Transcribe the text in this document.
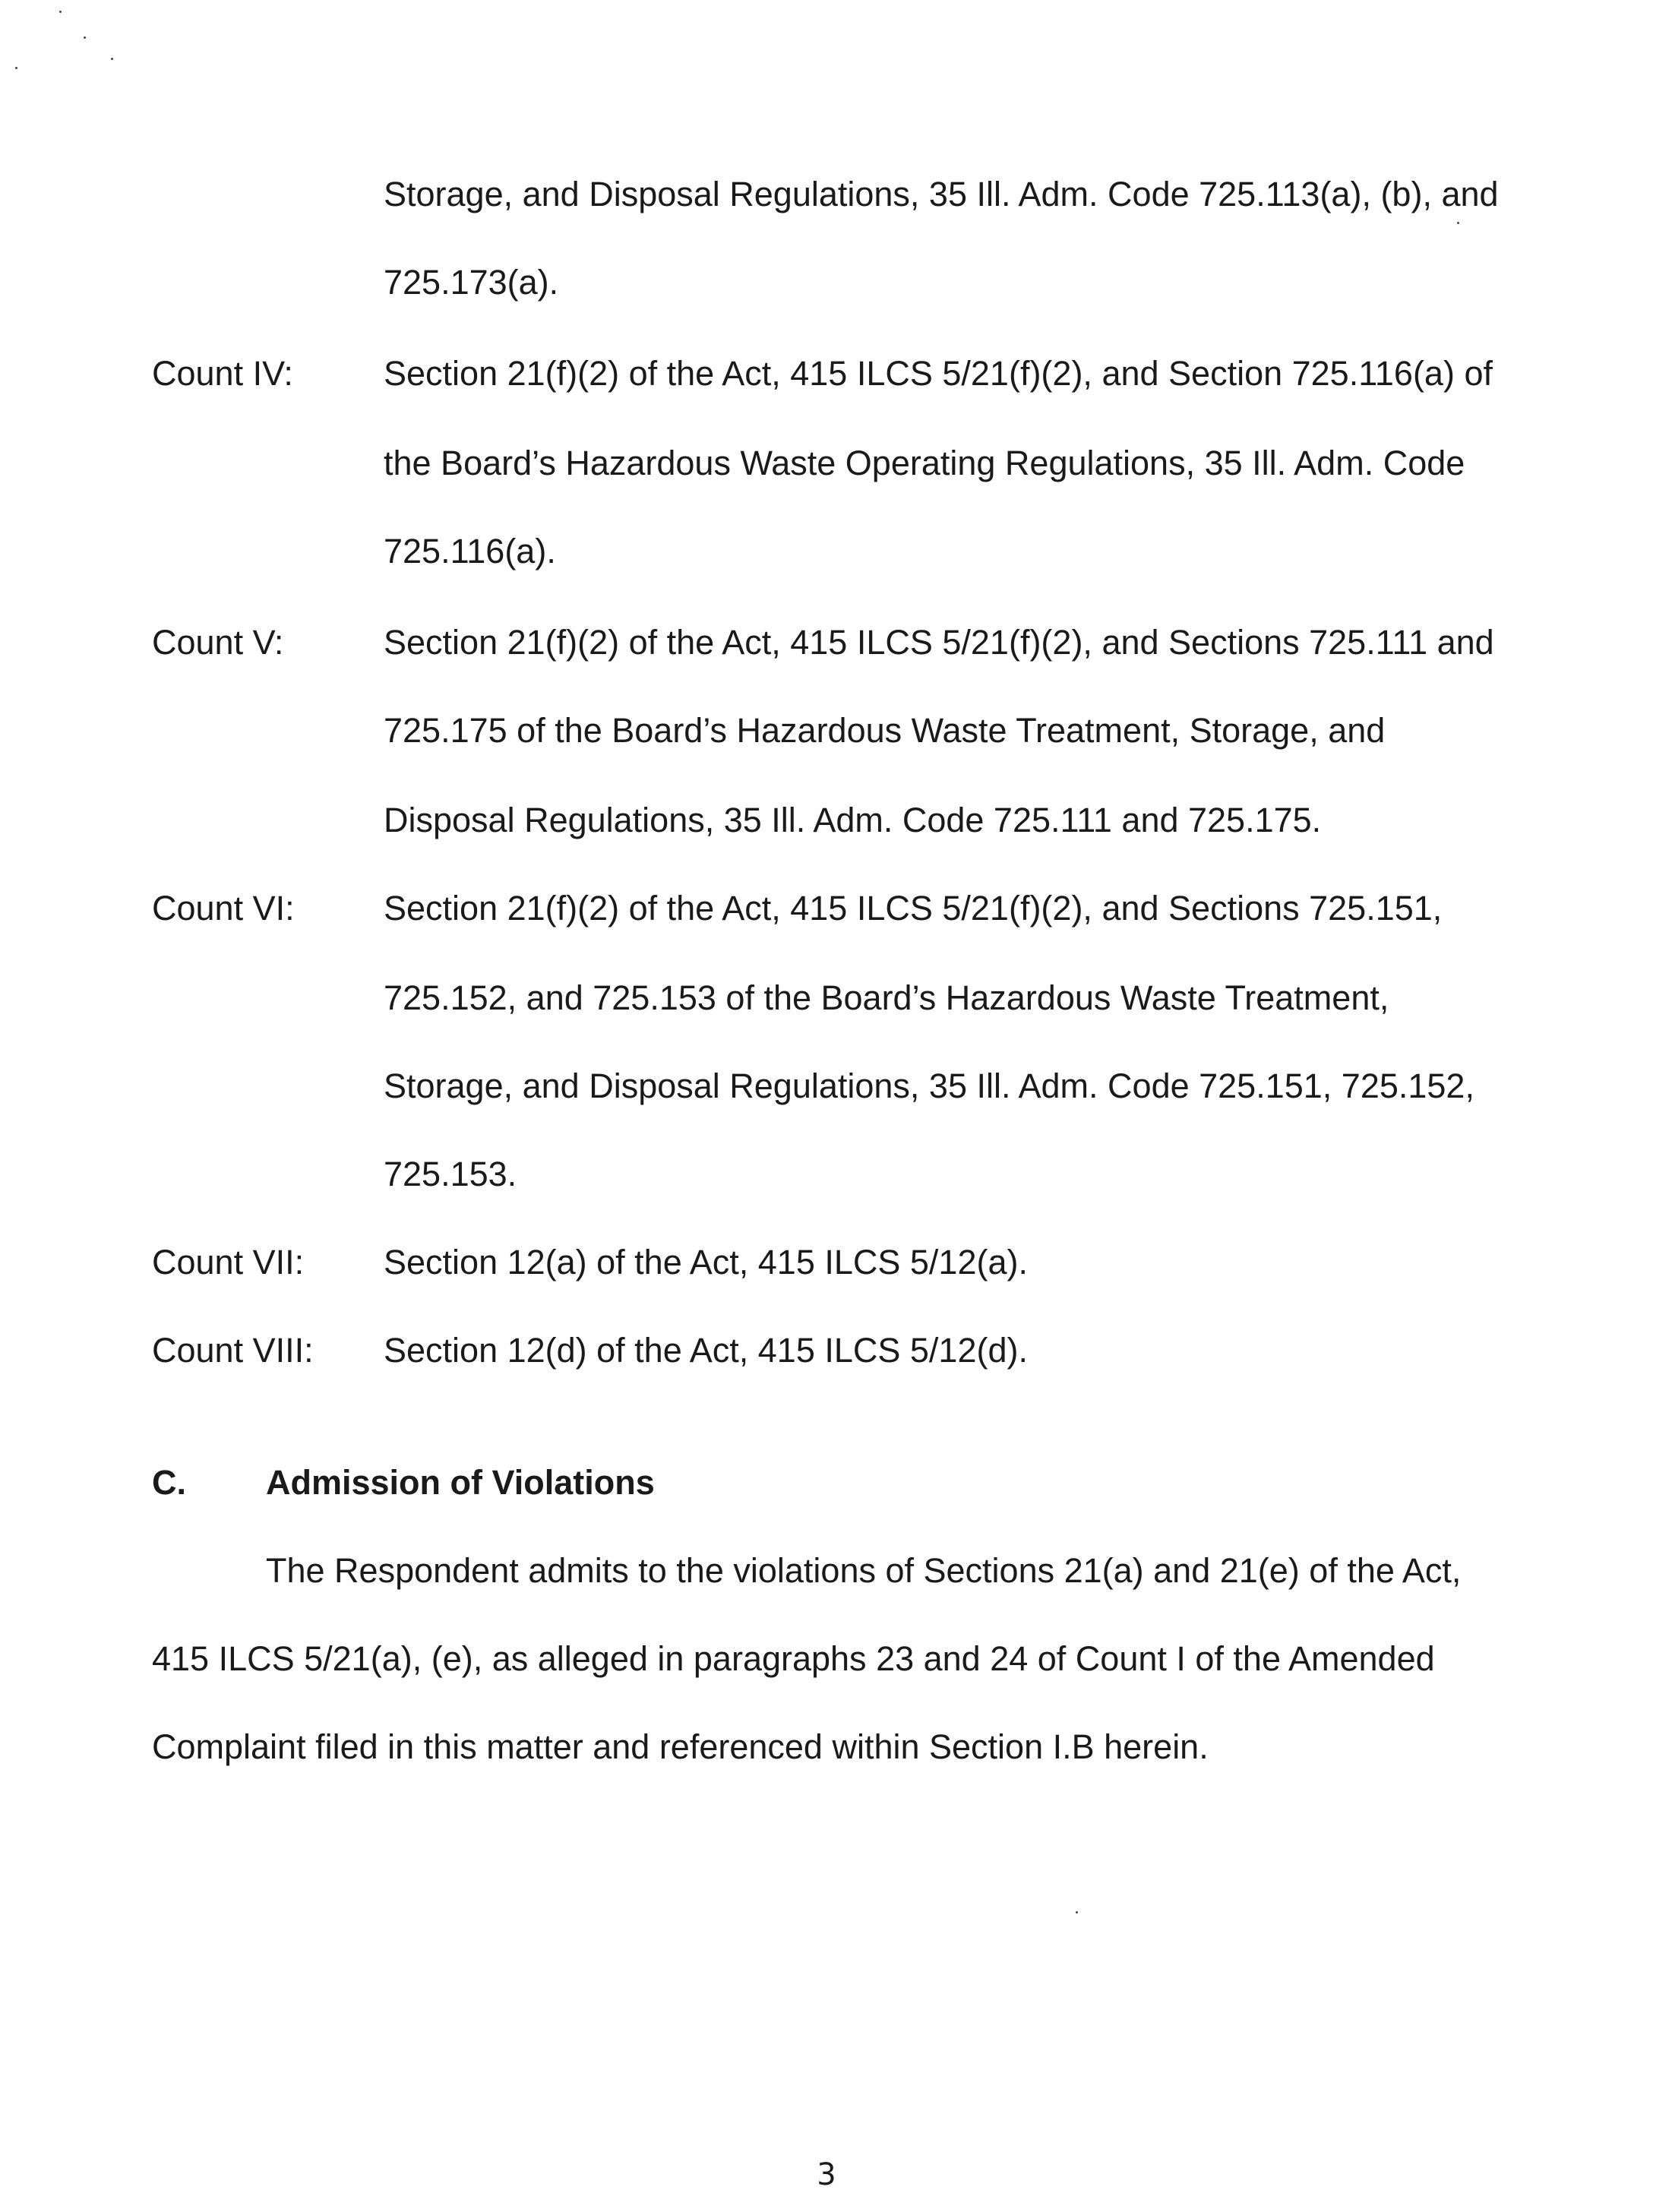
Storage, and Disposal Regulations, 35 Ill. Adm. Code 725.113(a), (b), and
725.173(a).
Count IV:	Section 21(f)(2) of the Act, 415 ILCS 5/21(f)(2), and Section 725.116(a) of
the Board’s Hazardous Waste Operating Regulations, 35 Ill. Adm. Code
725.116(a).
Count V:	Section 21(f)(2) of the Act, 415 ILCS 5/21(f)(2), and Sections 725.111 and
725.175 of the Board’s Hazardous Waste Treatment, Storage, and
Disposal Regulations, 35 Ill. Adm. Code 725.111 and 725.175.
Count VI:	Section 21(f)(2) of the Act, 415 ILCS 5/21(f)(2), and Sections 725.151,
725.152, and 725.153 of the Board’s Hazardous Waste Treatment,
Storage, and Disposal Regulations, 35 Ill. Adm. Code 725.151, 725.152,
725.153.
Count VII: Section 12(a) of the Act, 415 ILCS 5/12(a).
Count VIII: Section 12(d) of the Act, 415 ILCS 5/12(d).
C. Admission of Violations
The Respondent admits to the violations of Sections 21(a) and 21(e) of the Act,
415 ILCS 5/21(a), (e), as alleged in paragraphs 23 and 24 of Count I of the Amended
Complaint filed in this matter and referenced within Section I.B herein.
3
